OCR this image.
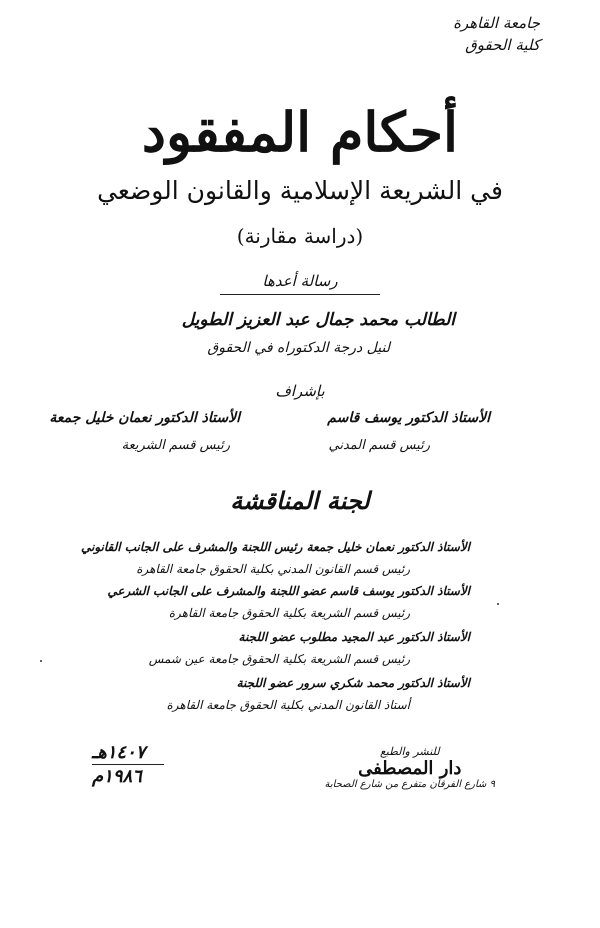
جامعة القاهرة
كلية الحقوق
أحكام المفقود
في الشريعة الإسلامية والقانون الوضعي
(دراسة مقارنة)
رسالة أعدها
الطالب محمد جمال عبد العزيز الطويل
لنيل درجة الدكتوراه في الحقوق
بإشراف
الأستاذ الدكتور يوسف قاسم
رئيس قسم المدني
الأستاذ الدكتور نعمان خليل جمعة
رئيس قسم الشريعة
لجنة المناقشة
الأستاذ الدكتور نعمان خليل جمعة رئيس اللجنة والمشرف على الجانب القانوني
رئيس قسم القانون المدني بكلية الحقوق جامعة القاهرة
الأستاذ الدكتور يوسف قاسم عضو اللجنة والمشرف على الجانب الشرعي
رئيس قسم الشريعة بكلية الحقوق جامعة القاهرة
الأستاذ الدكتور عبد المجيد مطلوب عضو اللجنة
رئيس قسم الشريعة بكلية الحقوق جامعة عين شمس
الأستاذ الدكتور محمد شكري سرور عضو اللجنة
أستاذ القانون المدني بكلية الحقوق جامعة القاهرة
١٤٠٧هـ
١٩٨٦م
للنشر والطبع
دار المصطفى
٩ شارع الفرقان متفرع من شارع الصحابة
